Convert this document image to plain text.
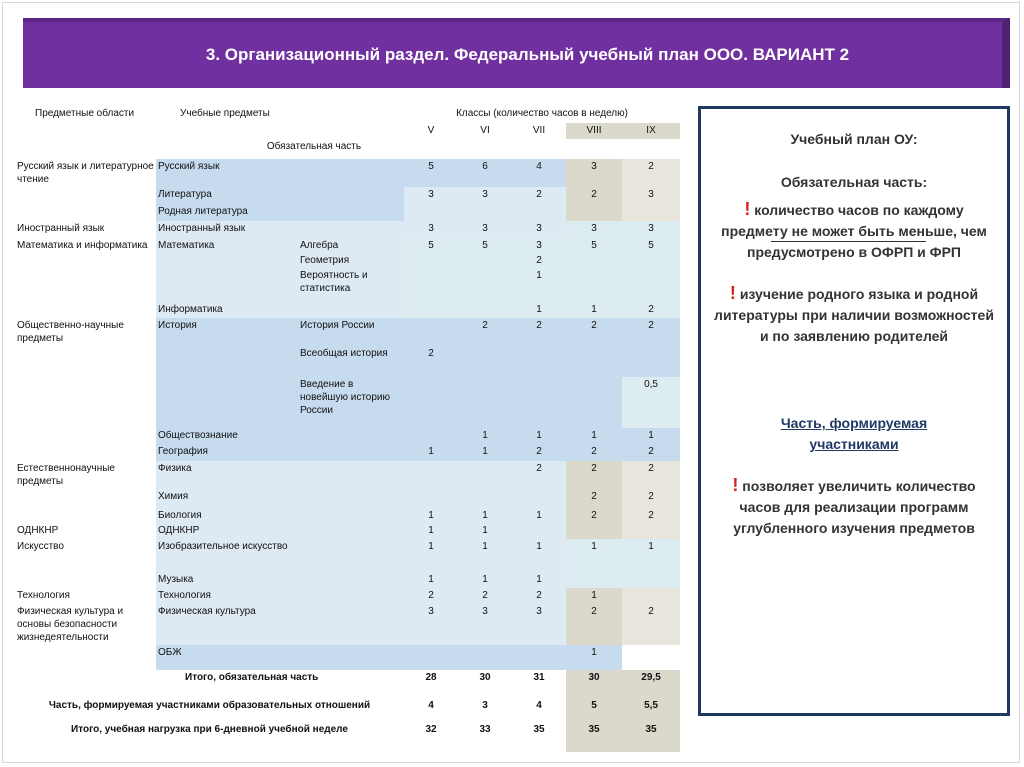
3. Организационный раздел. Федеральный учебный план ООО. ВАРИАНТ 2
Предметные области	Учебные предметы		Классы (количество часов в неделю)				
			V	VI	VII	VIII	IX
	Обязательная часть						
Русский язык и литературное чтение	Русский язык		5	6	4	3	2
	Литература		3	3	2	2	3
	Родная литература						
Иностранный язык	Иностранный язык		3	3	3	3	3
Математика и информатика	Математика	Алгебра	5	5	3	5	5
		Геометрия			2		
		Вероятность и статистика			1		
	Информатика				1	1	2
Общественно-научные предметы	История	История России		2	2	2	2
		Всеобщая история	2				
		Введение в новейшую историю России					0,5
	Обществознание			1	1	1	1
	География		1	1	2	2	2
Естественнонаучные предметы	Физика				2	2	2
	Химия					2	2
	Биология		1	1	1	2	2
ОДНКНР	ОДНКНР		1	1			
Искусство	Изобразительное искусство		1	1	1	1	1
	Музыка		1	1	1		
Технология	Технология		2	2	2	1	
Физическая культура и основы безопасности жизнедеятельности	Физическая культура		3	3	3	2	2
	ОБЖ					1	
Итого, обязательная часть			28	30	31	30	29,5
Часть, формируемая участниками образовательных отношений			4	3	4	5	5,5
Итого, учебная нагрузка при 6-дневной учебной неделе			32	33	35	35	35

Учебный план ОУ:

Обязательная часть:

! количество часов по каждому предмету не может быть меньше, чем предусмотрено в ОФРП и ФРП

! изучение родного языка и родной литературы при наличии возможностей и по заявлению родителей

Часть, формируемая участниками

! позволяет увеличить количество часов для реализации программ углубленного изучения предметов
